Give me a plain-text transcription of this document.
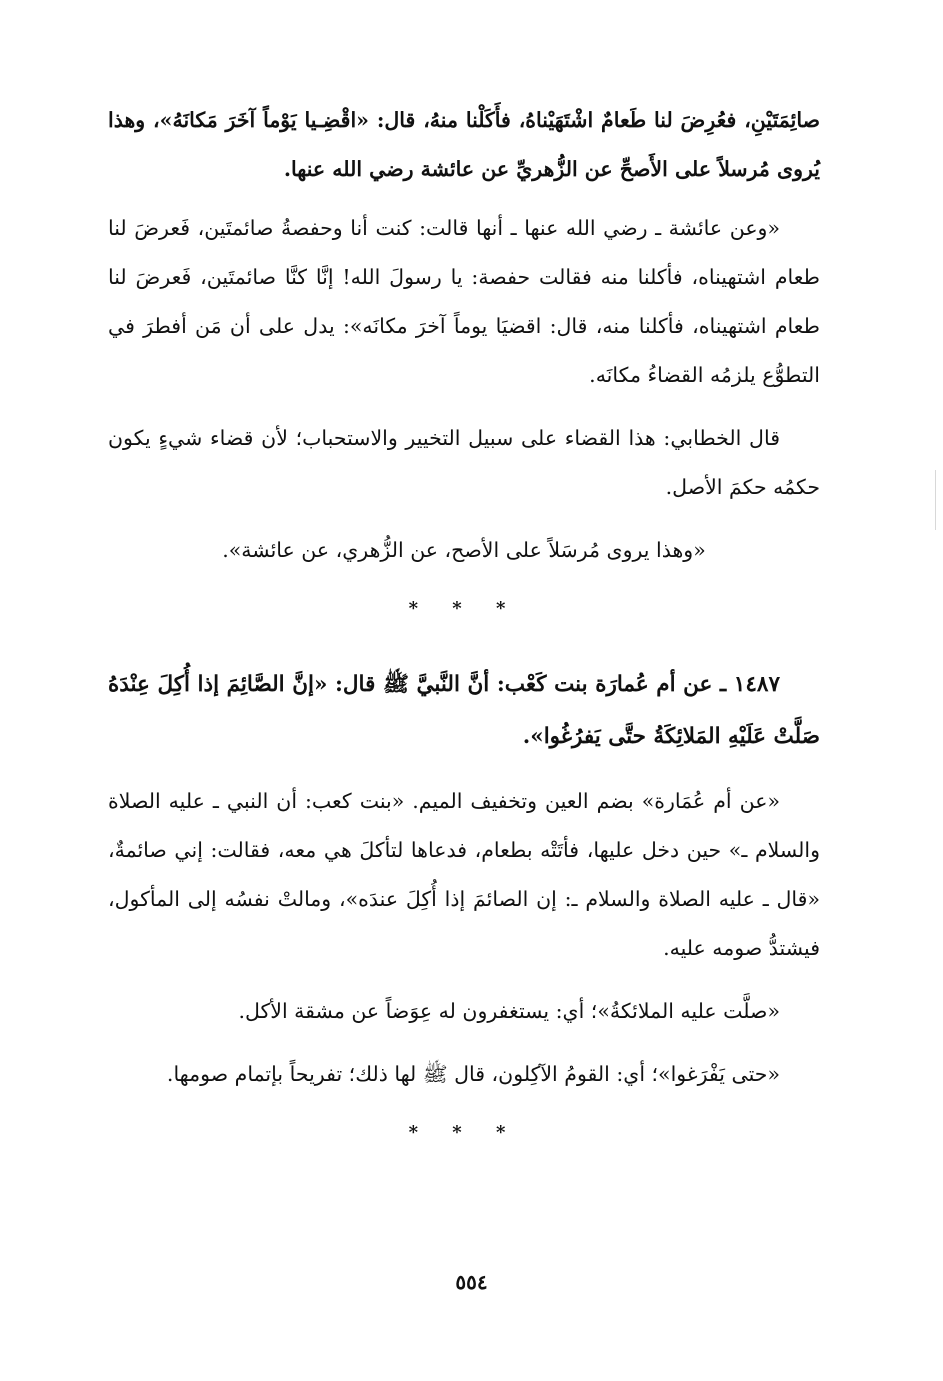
صائِمَتَيْنِ، فعُرِضَ لنا طَعامٌ اشْتَهَيْناهُ، فأَكَلْنا منهُ، قال: «اقْضِـيا يَوْماً آخَرَ مَكانَهُ»، وهذا يُروى مُرسلاً على الأَصحِّ عن الزُّهريِّ عن عائشة رضي الله عنها.

«وعن عائشة ـ رضي الله عنها ـ أنها قالت: كنت أنا وحفصةُ صائمتَين، فَعرضَ لنا طعام اشتهيناه، فأكلنا منه فقالت حفصة: يا رسولَ الله! إنَّا كنَّا صائمتَين، فَعرضَ لنا طعام اشتهيناه، فأكلنا منه، قال: اقضيَا يوماً آخرَ مكانَه»: يدل على أن مَن أفطرَ في التطوُّع يلزمُه القضاءُ مكانَه.

قال الخطابي: هذا القضاء على سبيل التخيير والاستحباب؛ لأن قضاء شيءٍ يكون حكمُه حكمَ الأصل.

«وهذا يروى مُرسَلاً على الأصح، عن الزُّهري، عن عائشة».

* * *

١٤٨٧ ـ عن أم عُمارَة بنت كَعْب: أنَّ النَّبيَّ ﷺ قال: «إنَّ الصَّائِمَ إذا أُكِلَ عِنْدَهُ صَلَّتْ عَلَيْهِ المَلائِكَةُ حتَّى يَفرُغُوا».

«عن أم عُمَارة» بضم العين وتخفيف الميم. «بنت كعب: أن النبي ـ عليه الصلاة والسلام ـ» حين دخل عليها، فأتَتْه بطعام، فدعاها لتأكلَ هي معه، فقالت: إني صائمةٌ، «قال ـ عليه الصلاة والسلام ـ: إن الصائمَ إذا أُكِلَ عندَه»، ومالتْ نفسُه إلى المأكول، فيشتدُّ صومه عليه.

«صلَّت عليه الملائكةُ»؛ أي: يستغفرون له عِوَضاً عن مشقة الأكل.

«حتى يَفْرَغوا»؛ أي: القومُ الآكِلون، قال ﷺ لها ذلك؛ تفريحاً بإتمام صومها.

* * *
٥٥٤
